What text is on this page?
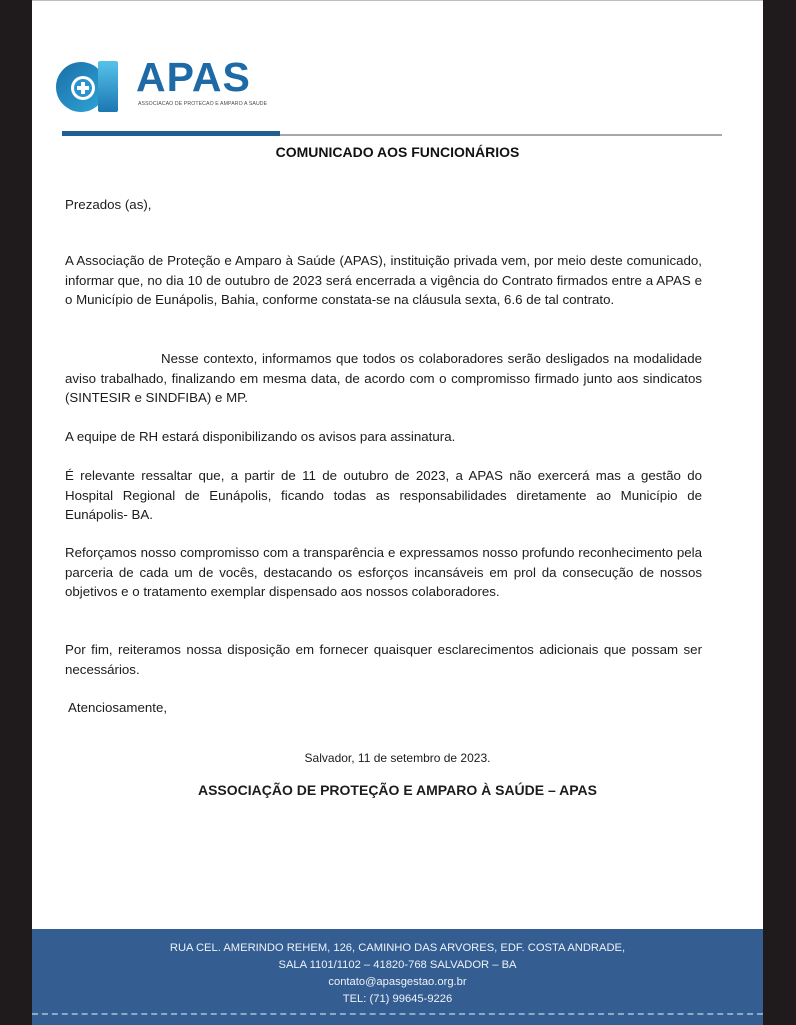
APAS
ASSOCIACAO DE PROTECAO E AMPARO A SAUDE
COMUNICADO AOS FUNCIONÁRIOS
Prezados (as),
A Associação de Proteção e Amparo à Saúde (APAS), instituição privada vem, por meio deste comunicado, informar que, no dia 10 de outubro de 2023 será encerrada a vigência do Contrato firmados entre a APAS e o Município de Eunápolis, Bahia, conforme constata-se na cláusula sexta, 6.6 de tal contrato.
Nesse contexto, informamos que todos os colaboradores serão desligados na modalidade aviso trabalhado, finalizando em mesma data, de acordo com o compromisso firmado junto aos sindicatos (SINTESIR e SINDFIBA) e MP.
A equipe de RH estará disponibilizando os avisos para assinatura.
É relevante ressaltar que, a partir de 11 de outubro de 2023, a APAS não exercerá mas a gestão do Hospital Regional de Eunápolis, ficando todas as responsabilidades diretamente ao Município de Eunápolis- BA.
Reforçamos nosso compromisso com a transparência e expressamos nosso profundo reconhecimento pela parceria de cada um de vocês, destacando os esforços incansáveis em prol da consecução de nossos objetivos e o tratamento exemplar dispensado aos nossos colaboradores.
Por fim, reiteramos nossa disposição em fornecer quaisquer esclarecimentos adicionais que possam ser necessários.
Atenciosamente,
Salvador, 11 de setembro de 2023.
ASSOCIAÇÃO DE PROTEÇÃO E AMPARO À SAÚDE – APAS
RUA CEL. AMERINDO REHEM, 126, CAMINHO DAS ARVORES, EDF. COSTA ANDRADE,
SALA 1101/1102 – 41820-768 SALVADOR – BA
contato@apasgestao.org.br
TEL: (71) 99645-9226
